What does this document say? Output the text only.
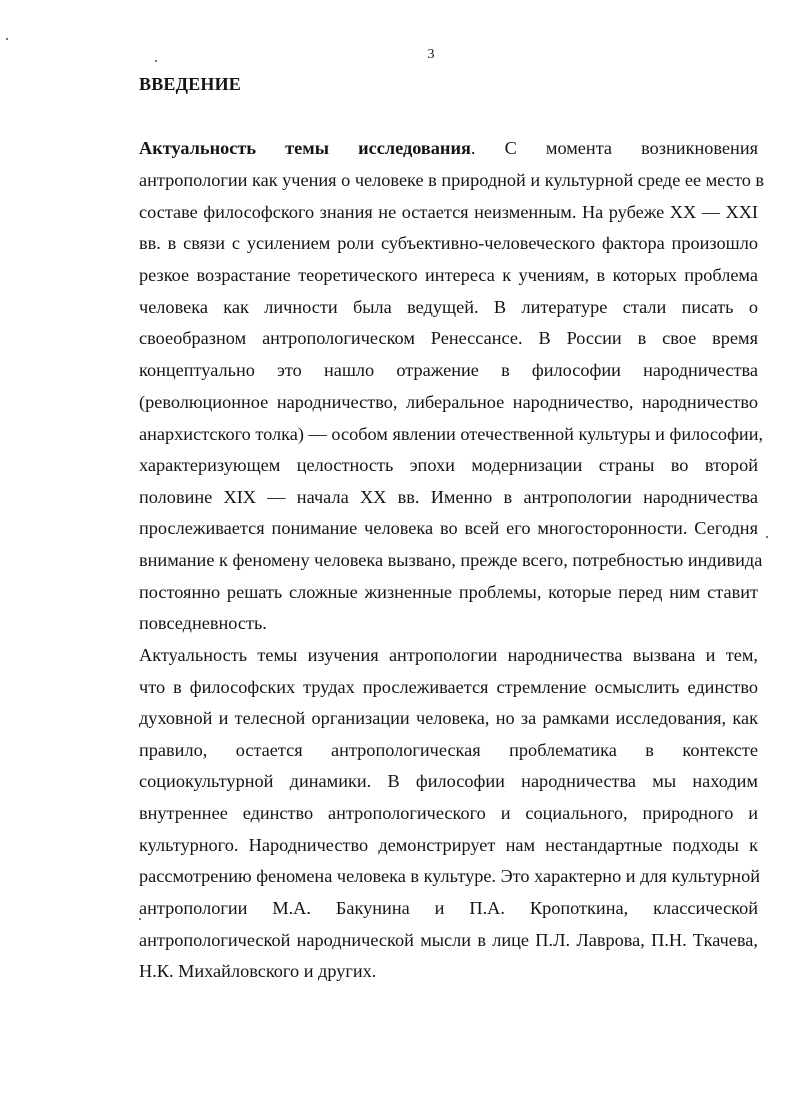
3
ВВЕДЕНИЕ
Актуальность темы исследования. С момента возникновения
антропологии как учения о человеке в природной и культурной среде ее место в
составе философского знания не остается неизменным. На рубеже XX — XXI
вв. в связи с усилением роли субъективно-человеческого фактора произошло
резкое возрастание теоретического интереса к учениям, в которых проблема
человека как личности была ведущей. В литературе стали писать о
своеобразном антропологическом Ренессансе. В России в свое время
концептуально это нашло отражение в философии народничества
(революционное народничество, либеральное народничество, народничество
анархистского толка) — особом явлении отечественной культуры и философии,
характеризующем целостность эпохи модернизации страны во второй
половине XIX — начала XX вв. Именно в антропологии народничества
прослеживается понимание человека во всей его многосторонности. Сегодня
внимание к феномену человека вызвано, прежде всего, потребностью индивида
постоянно решать сложные жизненные проблемы, которые перед ним ставит
повседневность.
Актуальность темы изучения антропологии народничества вызвана и тем,
что в философских трудах прослеживается стремление осмыслить единство
духовной и телесной организации человека, но за рамками исследования, как
правило, остается антропологическая проблематика в контексте
социокультурной динамики. В философии народничества мы находим
внутреннее единство антропологического и социального, природного и
культурного. Народничество демонстрирует нам нестандартные подходы к
рассмотрению феномена человека в культуре. Это характерно и для культурной
антропологии М.А. Бакунина и П.А. Кропоткина, классической
антропологической народнической мысли в лице П.Л. Лаврова, П.Н. Ткачева,
Н.К. Михайловского и других.
